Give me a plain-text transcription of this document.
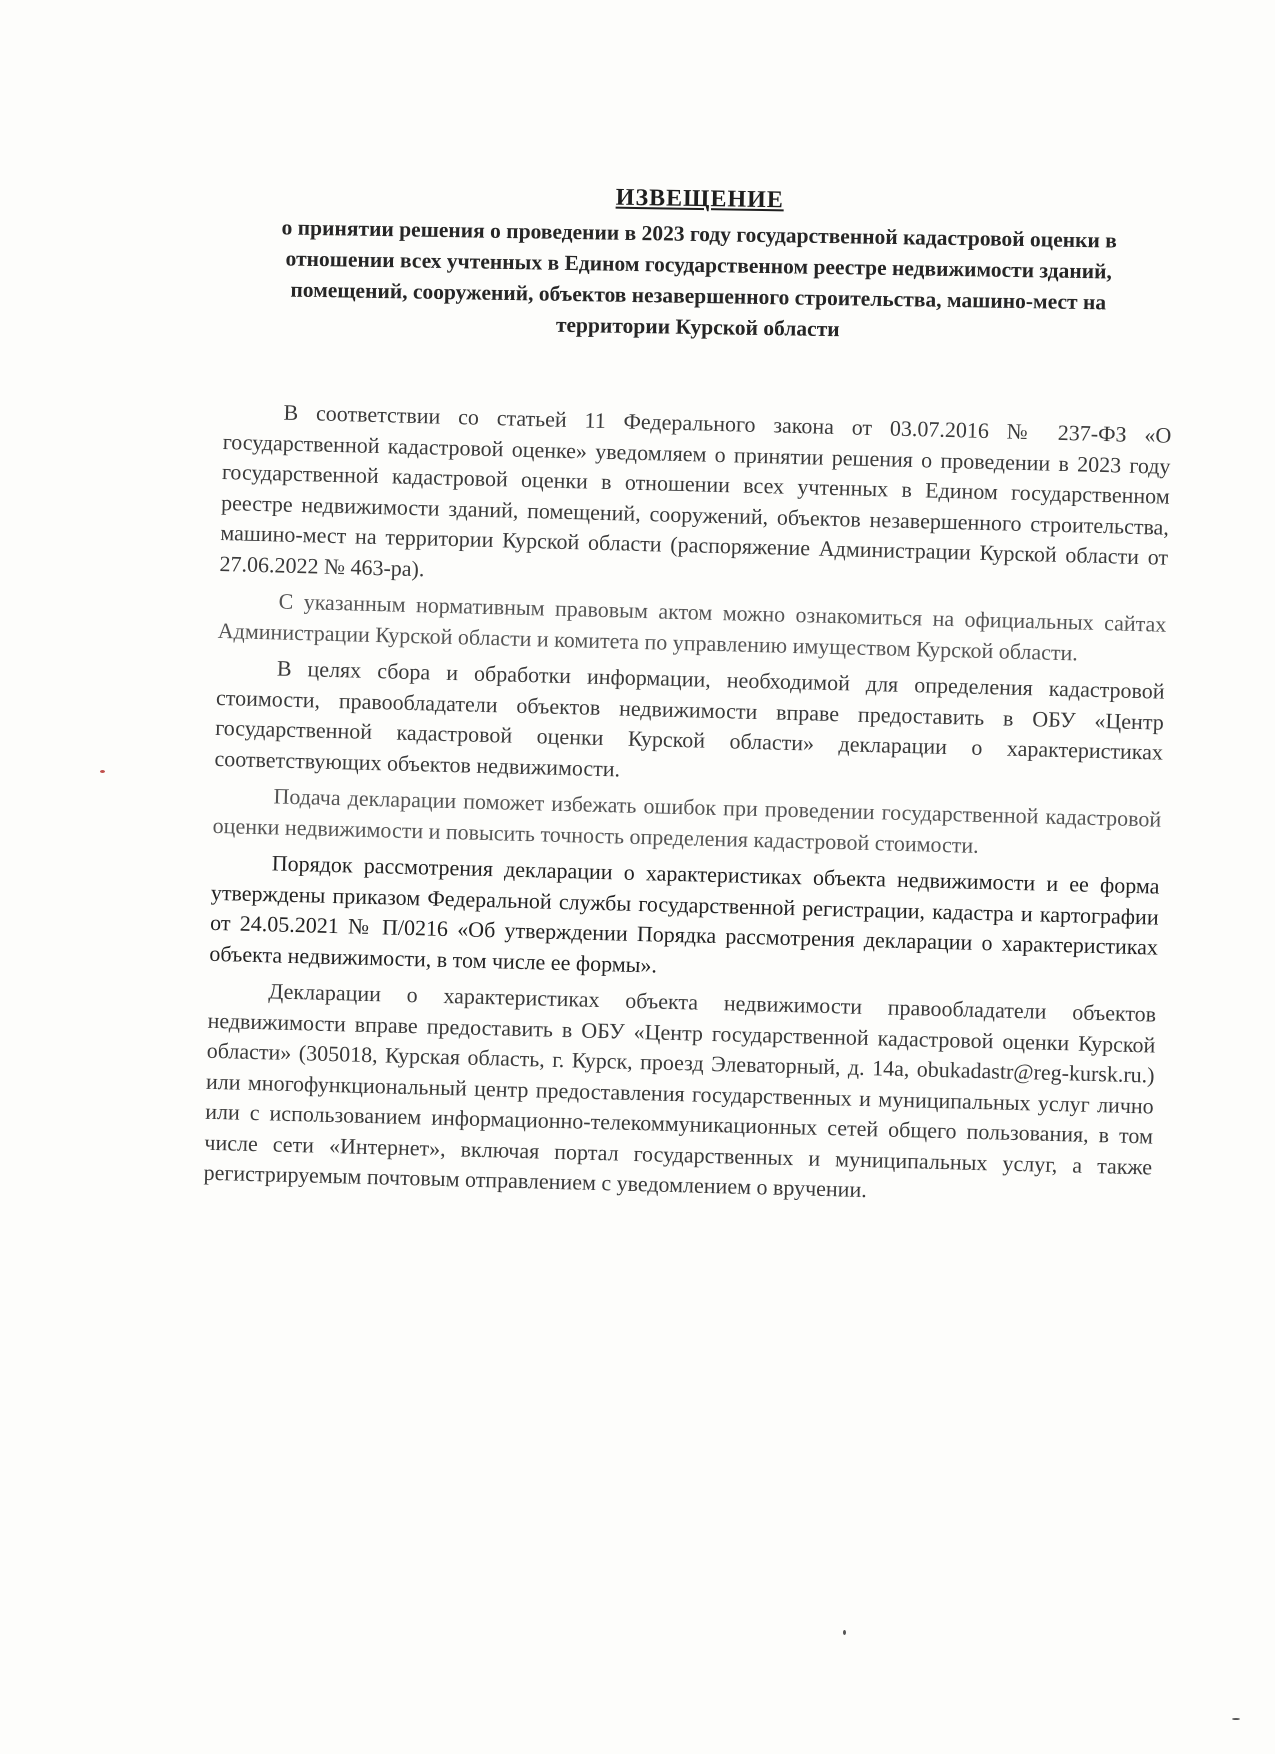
ИЗВЕЩЕНИЕ
о принятии решения о проведении в 2023 году государственной кадастровой оценки в отношении всех учтенных в Едином государственном реестре недвижимости зданий, помещений, сооружений, объектов незавершенного строительства, машино-мест на территории Курской области

В соответствии со статьей 11 Федерального закона от 03.07.2016 № 237-ФЗ «О государственной кадастровой оценке» уведомляем о принятии решения о проведении в 2023 году государственной кадастровой оценки в отношении всех учтенных в Едином государственном реестре недвижимости зданий, помещений, сооружений, объектов незавершенного строительства, машино-мест на территории Курской области (распоряжение Администрации Курской области от 27.06.2022 № 463-ра).

С указанным нормативным правовым актом можно ознакомиться на официальных сайтах Администрации Курской области и комитета по управлению имуществом Курской области.

В целях сбора и обработки информации, необходимой для определения кадастровой стоимости, правообладатели объектов недвижимости вправе предоставить в ОБУ «Центр государственной кадастровой оценки Курской области» декларации о характеристиках соответствующих объектов недвижимости.

Подача декларации поможет избежать ошибок при проведении государственной кадастровой оценки недвижимости и повысить точность определения кадастровой стоимости.

Порядок рассмотрения декларации о характеристиках объекта недвижимости и ее форма утверждены приказом Федеральной службы государственной регистрации, кадастра и картографии от 24.05.2021 № П/0216 «Об утверждении Порядка рассмотрения декларации о характеристиках объекта недвижимости, в том числе ее формы».

Декларации о характеристиках объекта недвижимости правообладатели объектов недвижимости вправе предоставить в ОБУ «Центр государственной кадастровой оценки Курской области» (305018, Курская область, г. Курск, проезд Элеваторный, д. 14а, obukadastr@reg-kursk.ru.) или многофункциональный центр предоставления государственных и муниципальных услуг лично или с использованием информационно-телекоммуникационных сетей общего пользования, в том числе сети «Интернет», включая портал государственных и муниципальных услуг, а также регистрируемым почтовым отправлением с уведомлением о вручении.
